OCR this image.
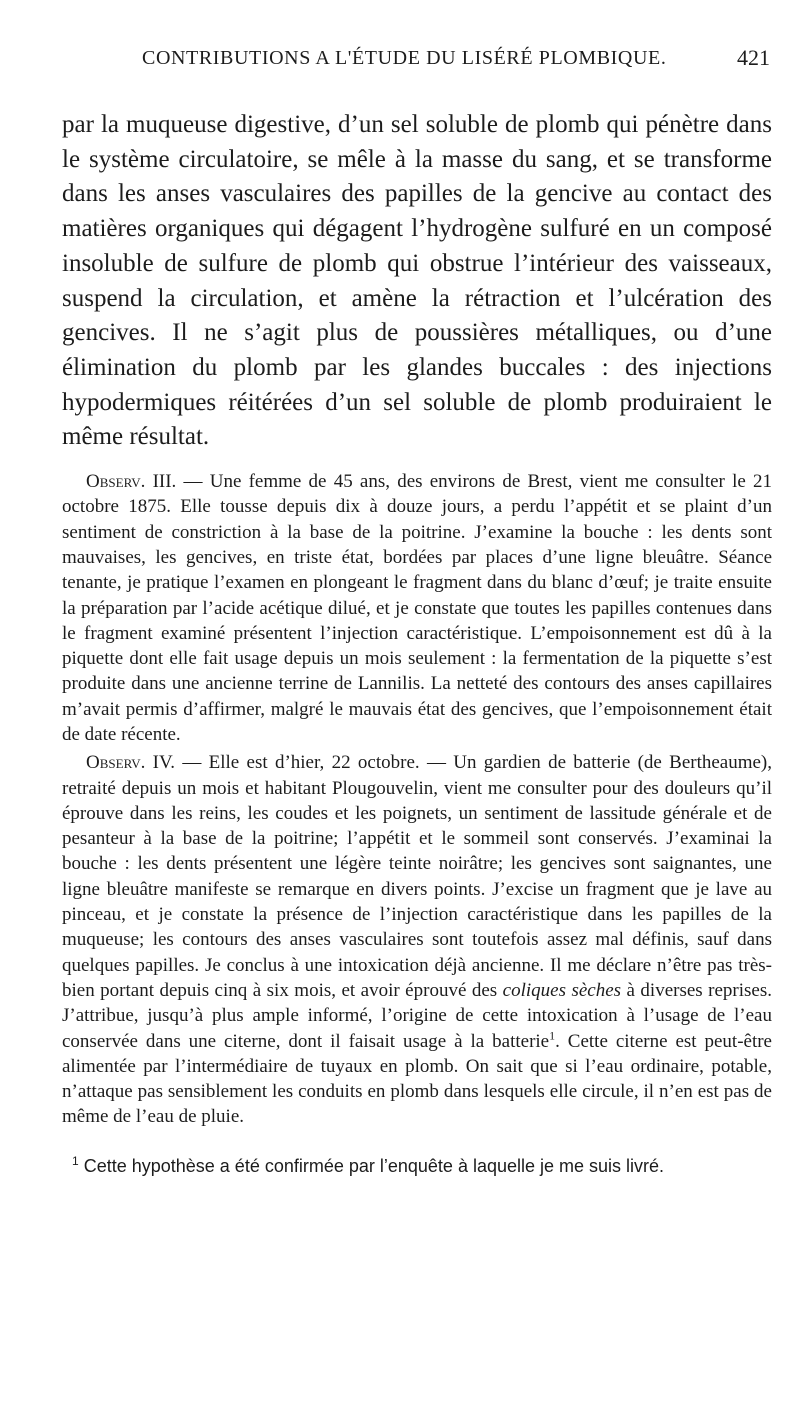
CONTRIBUTIONS A L'ÉTUDE DU LISÉRÉ PLOMBIQUE.	421

par la muqueuse digestive, d’un sel soluble de plomb qui pénètre dans le système circulatoire, se mêle à la masse du sang, et se transforme dans les anses vasculaires des papilles de la gencive au contact des matières organiques qui dégagent l’hydrogène sulfuré en un composé insoluble de sulfure de plomb qui obstrue l’intérieur des vaisseaux, suspend la circulation, et amène la rétraction et l’ulcération des gencives. Il ne s’agit plus de poussières métalliques, ou d’une élimination du plomb par les glandes buccales : des injections hypodermiques réitérées d’un sel soluble de plomb produiraient le même résultat.

Observ. III. — Une femme de 45 ans, des environs de Brest, vient me consulter le 21 octobre 1875. Elle tousse depuis dix à douze jours, a perdu l’appétit et se plaint d’un sentiment de constriction à la base de la poitrine. J’examine la bouche : les dents sont mauvaises, les gencives, en triste état, bordées par places d’une ligne bleuâtre. Séance tenante, je pratique l’examen en plongeant le fragment dans du blanc d’œuf; je traite ensuite la préparation par l’acide acétique dilué, et je constate que toutes les papilles contenues dans le fragment examiné présentent l’injection caractéristique. L’empoisonnement est dû à la piquette dont elle fait usage depuis un mois seulement : la fermentation de la piquette s’est produite dans une ancienne terrine de Lannilis. La netteté des contours des anses capillaires m’avait permis d’affirmer, malgré le mauvais état des gencives, que l’empoisonnement était de date récente.

Observ. IV. — Elle est d’hier, 22 octobre. — Un gardien de batterie (de Bertheaume), retraité depuis un mois et habitant Plougouvelin, vient me consulter pour des douleurs qu’il éprouve dans les reins, les coudes et les poignets, un sentiment de lassitude générale et de pesanteur à la base de la poitrine; l’appétit et le sommeil sont conservés. J’examinai la bouche : les dents présentent une légère teinte noirâtre; les gencives sont saignantes, une ligne bleuâtre manifeste se remarque en divers points. J’excise un fragment que je lave au pinceau, et je constate la présence de l’injection caractéristique dans les papilles de la muqueuse; les contours des anses vasculaires sont toutefois assez mal définis, sauf dans quelques papilles. Je conclus à une intoxication déjà ancienne. Il me déclare n’être pas très-bien portant depuis cinq à six mois, et avoir éprouvé des coliques sèches à diverses reprises. J’attribue, jusqu’à plus ample informé, l’origine de cette intoxication à l’usage de l’eau conservée dans une citerne, dont il faisait usage à la batterie$^1$. Cette citerne est peut-être alimentée par l’intermédiaire de tuyaux en plomb. On sait que si l’eau ordinaire, potable, n’attaque pas sensiblement les conduits en plomb dans lesquels elle circule, il n’en est pas de même de l’eau de pluie.

$^1$ Cette hypothèse a été confirmée par l’enquête à laquelle je me suis livré.
